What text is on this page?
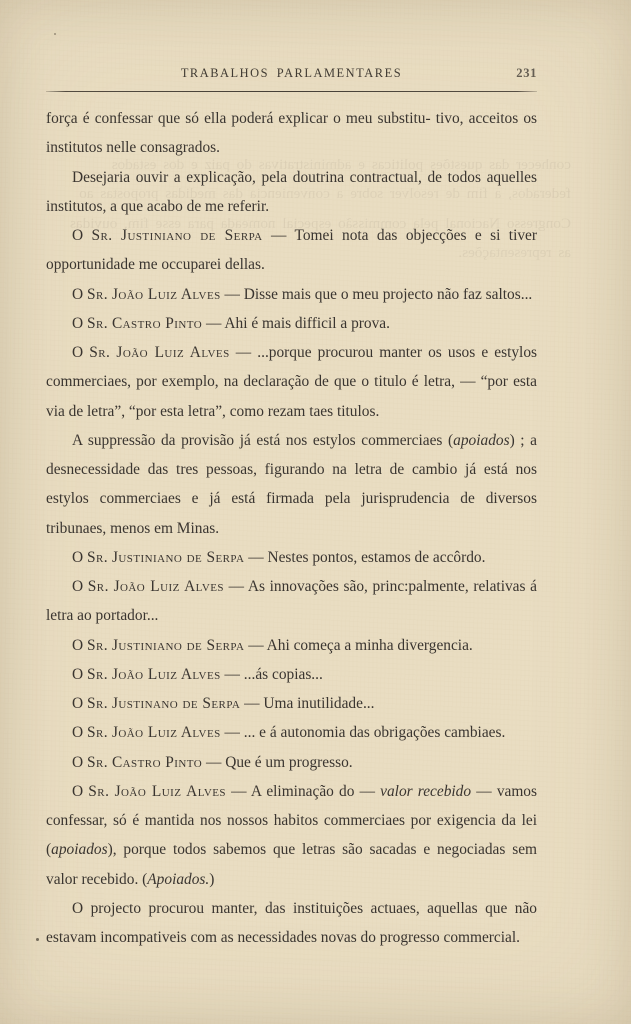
conhecer das questões politicas e administrativas do paiz e dos estados federados, a fim de resolver sobre a conveniencia das medidas propostas ao Congresso Nacional pela commissão especial nomeada para esse fim, ouvidas as representações.
TRABALHOS PARLAMENTARES	231

força é confessar que só ella poderá explicar o meu substitu- tivo, acceitos os institutos nelle consagrados.

Desejaria ouvir a explicação, pela doutrina contractual, de todos aquelles institutos, a que acabo de me referir.

O Sr. Justiniano de Serpa — Tomei nota das objecções e si tiver opportunidade me occuparei dellas.

O Sr. João Luiz Alves — Disse mais que o meu projecto não faz saltos...

O Sr. Castro Pinto — Ahi é mais difficil a prova.

O Sr. João Luiz Alves — ...porque procurou manter os usos e estylos commerciaes, por exemplo, na declaração de que o titulo é letra, — “por esta via de letra”, “por esta letra”, como rezam taes titulos.

A suppressão da provisão já está nos estylos commerciaes (apoiados) ; a desnecessidade das tres pessoas, figurando na letra de cambio já está nos estylos commerciaes e já está firmada pela jurisprudencia de diversos tribunaes, menos em Minas.

O Sr. Justiniano de Serpa — Nestes pontos, estamos de accôrdo.

O Sr. João Luiz Alves — As innovações são, princ:palmente, relativas á letra ao portador...

O Sr. Justiniano de Serpa — Ahi começa a minha divergencia.

O Sr. João Luiz Alves — ...ás copias...

O Sr. Justinano de Serpa — Uma inutilidade...

O Sr. João Luiz Alves — ... e á autonomia das obrigações cambiaes.

O Sr. Castro Pinto — Que é um progresso.

O Sr. João Luiz Alves — A eliminação do — valor recebido — vamos confessar, só é mantida nos nossos habitos commerciaes por exigencia da lei (apoiados), porque todos sabemos que letras são sacadas e negociadas sem valor recebido. (Apoiados.)

O projecto procurou manter, das instituições actuaes, aquellas que não estavam incompativeis com as necessidades novas do progresso commercial.
